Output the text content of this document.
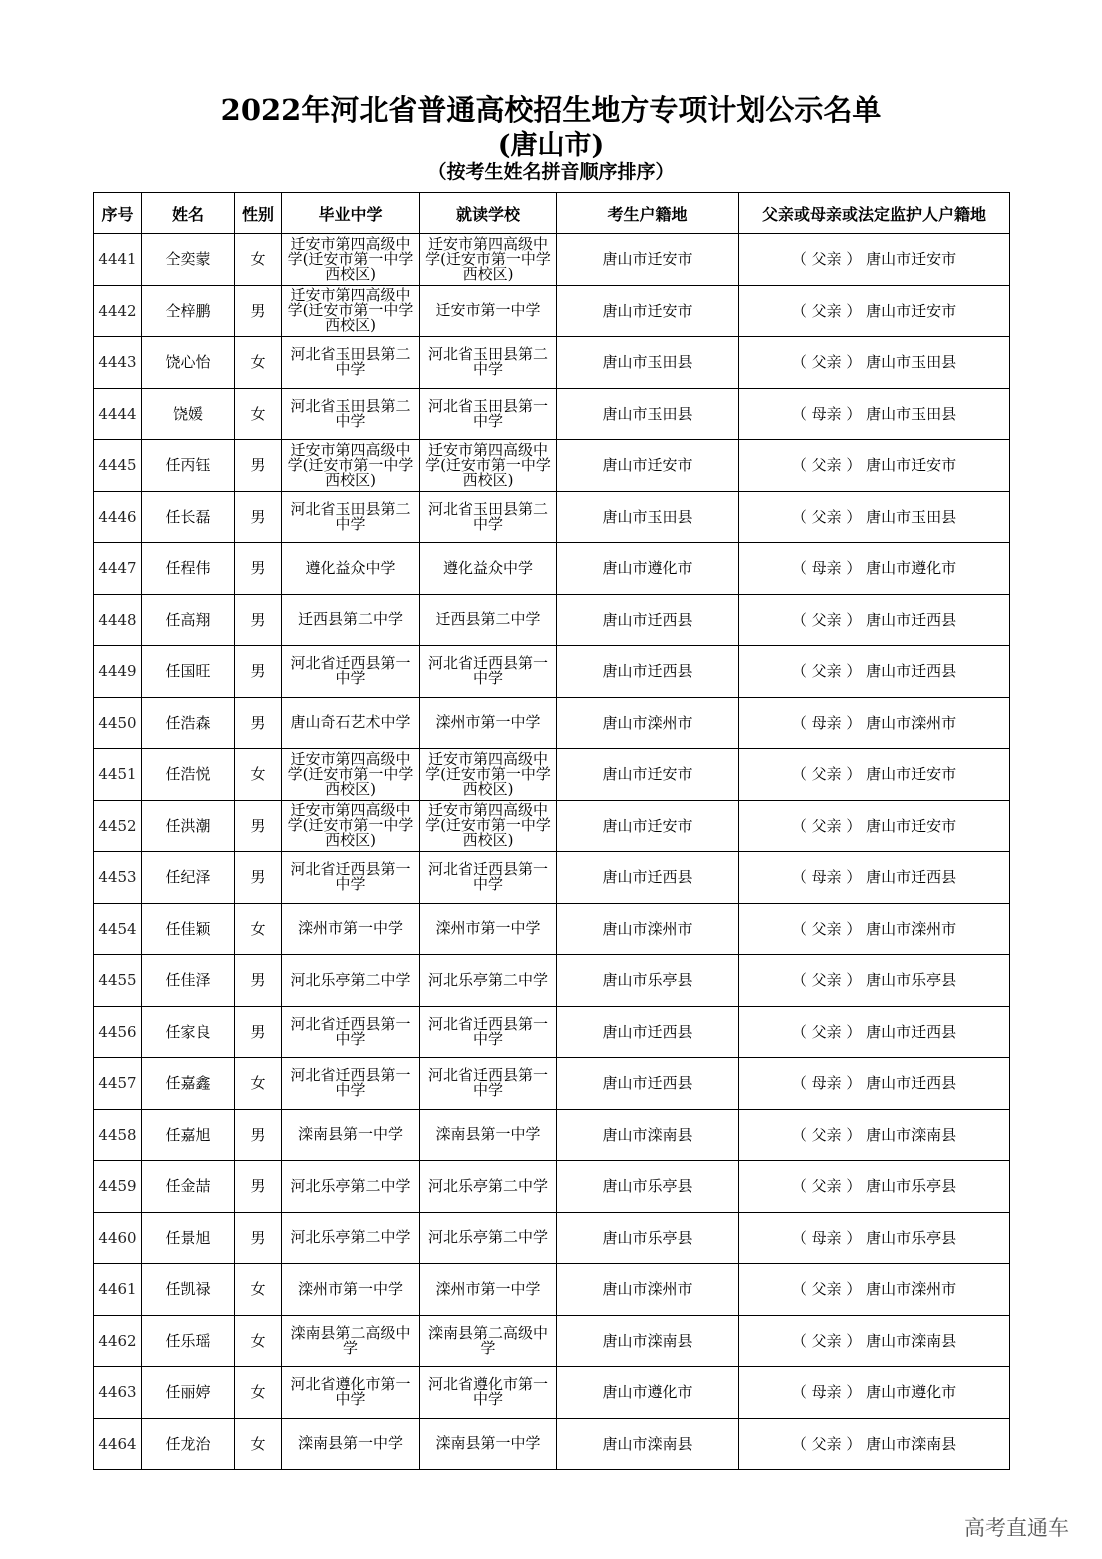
2022年河北省普通高校招生地方专项计划公示名单
(唐山市)
（按考生姓名拼音顺序排序）
序号	姓名	性别	毕业中学	就读学校	考生户籍地	父亲或母亲或法定监护人户籍地
4441	仝奕蒙	女	迁安市第四高级中学(迁安市第一中学西校区)	迁安市第四高级中学(迁安市第一中学西校区)	唐山市迁安市	（ 父亲 ） 唐山市迁安市
4442	仝梓鹏	男	迁安市第四高级中学(迁安市第一中学西校区)	迁安市第一中学	唐山市迁安市	（ 父亲 ） 唐山市迁安市
4443	饶心怡	女	河北省玉田县第二中学	河北省玉田县第二中学	唐山市玉田县	（ 父亲 ） 唐山市玉田县
4444	饶媛	女	河北省玉田县第二中学	河北省玉田县第一中学	唐山市玉田县	（ 母亲 ） 唐山市玉田县
4445	任丙钰	男	迁安市第四高级中学(迁安市第一中学西校区)	迁安市第四高级中学(迁安市第一中学西校区)	唐山市迁安市	（ 父亲 ） 唐山市迁安市
4446	任长磊	男	河北省玉田县第二中学	河北省玉田县第二中学	唐山市玉田县	（ 父亲 ） 唐山市玉田县
4447	任程伟	男	遵化益众中学	遵化益众中学	唐山市遵化市	（ 母亲 ） 唐山市遵化市
4448	任高翔	男	迁西县第二中学	迁西县第二中学	唐山市迁西县	（ 父亲 ） 唐山市迁西县
4449	任国旺	男	河北省迁西县第一中学	河北省迁西县第一中学	唐山市迁西县	（ 父亲 ） 唐山市迁西县
4450	任浩森	男	唐山奇石艺术中学	滦州市第一中学	唐山市滦州市	（ 母亲 ） 唐山市滦州市
4451	任浩悦	女	迁安市第四高级中学(迁安市第一中学西校区)	迁安市第四高级中学(迁安市第一中学西校区)	唐山市迁安市	（ 父亲 ） 唐山市迁安市
4452	任洪潮	男	迁安市第四高级中学(迁安市第一中学西校区)	迁安市第四高级中学(迁安市第一中学西校区)	唐山市迁安市	（ 父亲 ） 唐山市迁安市
4453	任纪泽	男	河北省迁西县第一中学	河北省迁西县第一中学	唐山市迁西县	（ 母亲 ） 唐山市迁西县
4454	任佳颖	女	滦州市第一中学	滦州市第一中学	唐山市滦州市	（ 父亲 ） 唐山市滦州市
4455	任佳泽	男	河北乐亭第二中学	河北乐亭第二中学	唐山市乐亭县	（ 父亲 ） 唐山市乐亭县
4456	任家良	男	河北省迁西县第一中学	河北省迁西县第一中学	唐山市迁西县	（ 父亲 ） 唐山市迁西县
4457	任嘉鑫	女	河北省迁西县第一中学	河北省迁西县第一中学	唐山市迁西县	（ 母亲 ） 唐山市迁西县
4458	任嘉旭	男	滦南县第一中学	滦南县第一中学	唐山市滦南县	（ 父亲 ） 唐山市滦南县
4459	任金喆	男	河北乐亭第二中学	河北乐亭第二中学	唐山市乐亭县	（ 父亲 ） 唐山市乐亭县
4460	任景旭	男	河北乐亭第二中学	河北乐亭第二中学	唐山市乐亭县	（ 母亲 ） 唐山市乐亭县
4461	任凯禄	女	滦州市第一中学	滦州市第一中学	唐山市滦州市	（ 父亲 ） 唐山市滦州市
4462	任乐瑶	女	滦南县第二高级中学	滦南县第二高级中学	唐山市滦南县	（ 父亲 ） 唐山市滦南县
4463	任丽婷	女	河北省遵化市第一中学	河北省遵化市第一中学	唐山市遵化市	（ 母亲 ） 唐山市遵化市
4464	任龙治	女	滦南县第一中学	滦南县第一中学	唐山市滦南县	（ 父亲 ） 唐山市滦南县
高考直通车
